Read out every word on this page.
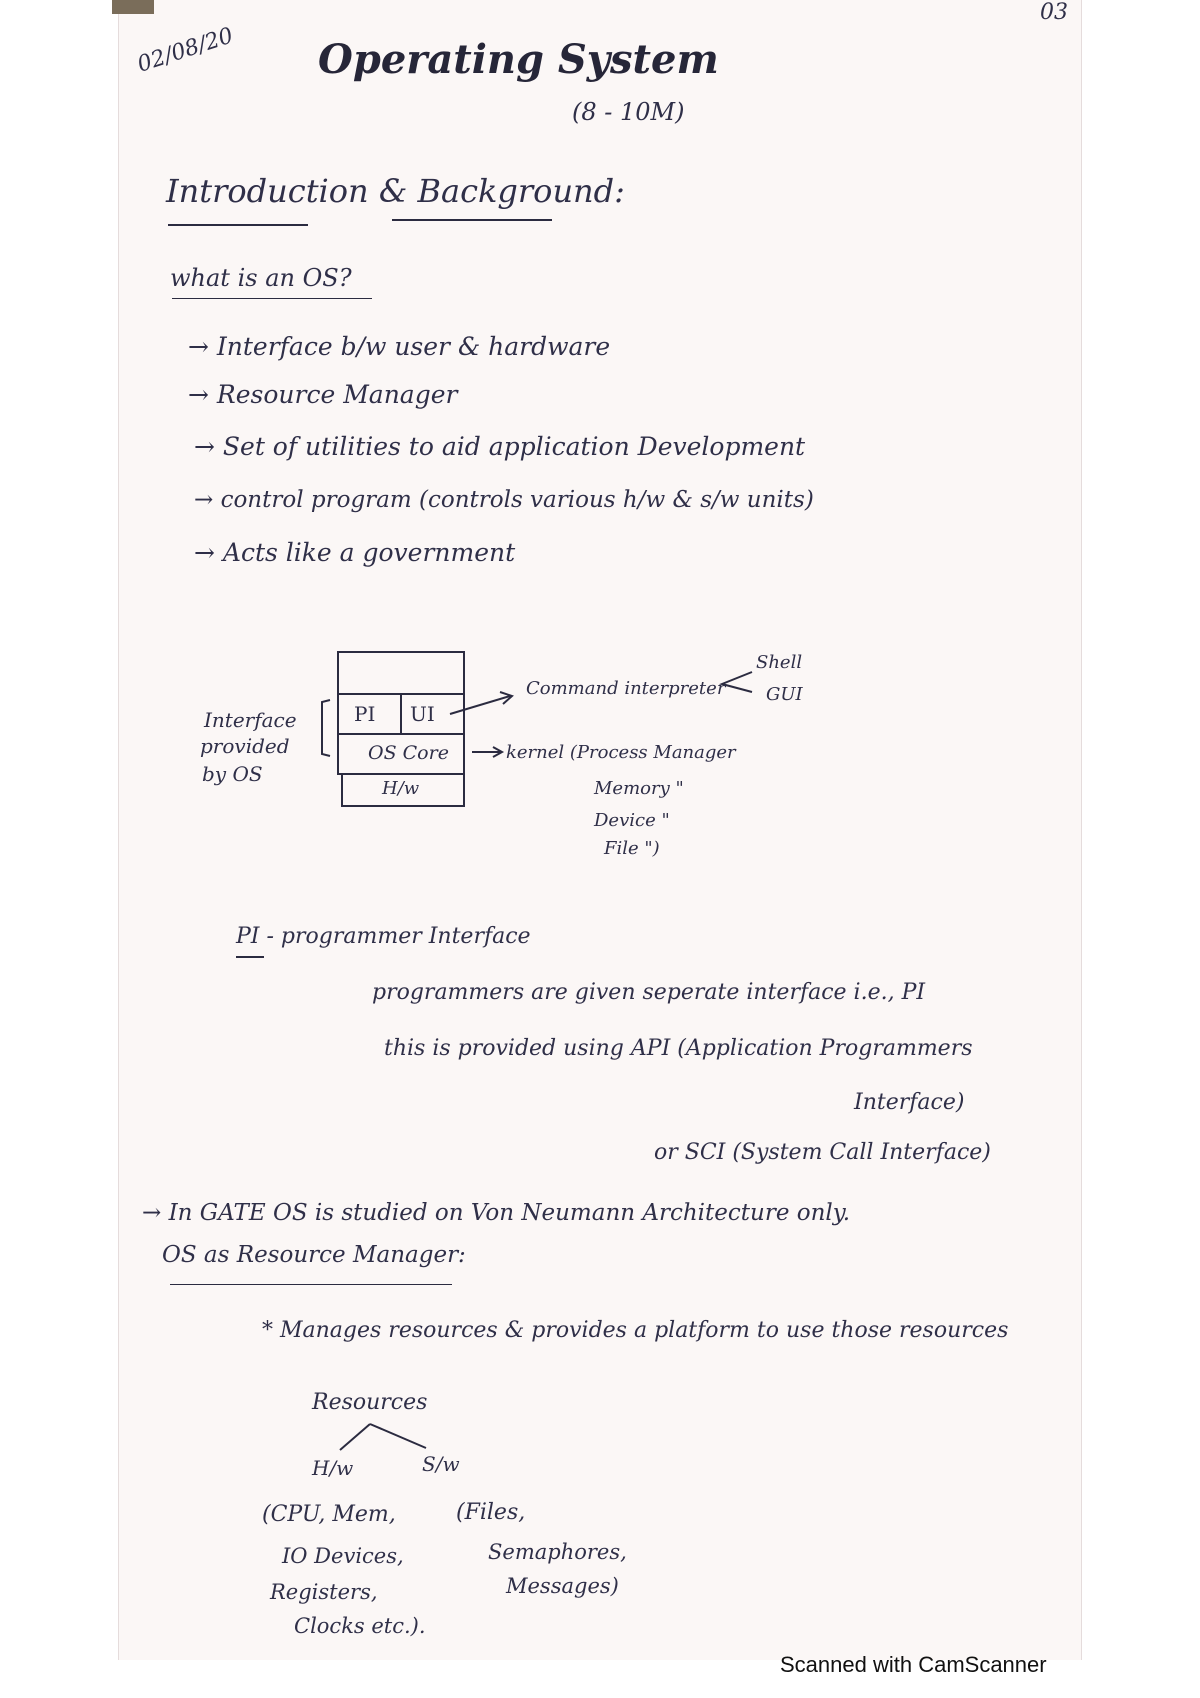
03
02/08/20 Operating System
(8 - 10M)
Introduction & Background:
what is an OS?
→ Interface b/w user & hardware
→ Resource Manager
→ Set of utilities to aid application Development
→ control program (controls various h/w & s/w units)
→ Acts like a government
Interface
provided
by OS
PI UI
OS Core
H/w
Command interpreter
Shell
GUI
kernel (Process Manager
Memory "
Device "
File ")
PI - programmer Interface
programmers are given seperate interface i.e., PI
this is provided using API (Application Programmers
Interface)
or SCI (System Call Interface)
→ In GATE OS is studied on Von Neumann Architecture only.
OS as Resource Manager:
* Manages resources & provides a platform to use those resources
Resources
H/w	S/w
(CPU, Mem,
IO Devices,
Registers,
Clocks etc.).
(Files,
Semaphores,
Messages)
Scanned with CamScanner
